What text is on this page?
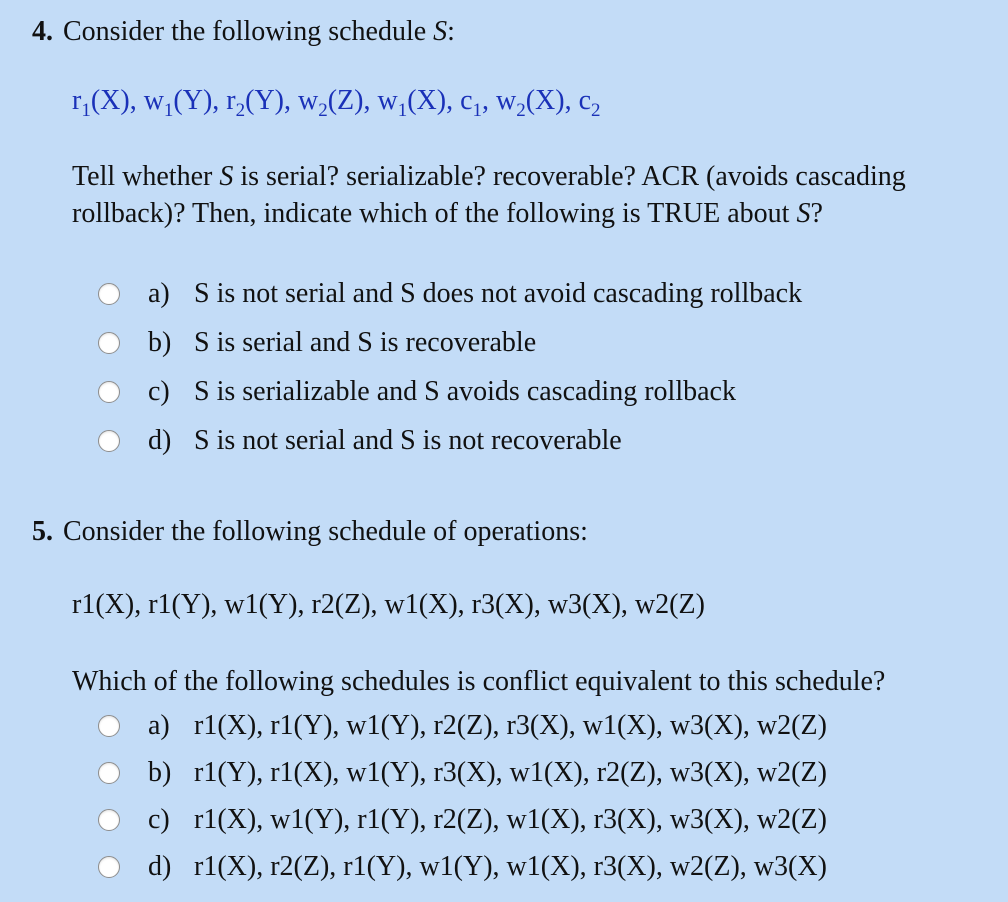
4. Consider the following schedule S:
$r_1(X)$, $w_1(Y)$, $r_2(Y)$, $w_2(Z)$, $w_1(X)$, $c_1$, $w_2(X)$, $c_2$
Tell whether S is serial? serializable? recoverable? ACR (avoids cascading rollback)? Then, indicate which of the following is TRUE about S?
a) S is not serial and S does not avoid cascading rollback
b) S is serial and S is recoverable
c) S is serializable and S avoids cascading rollback
d) S is not serial and S is not recoverable
5. Consider the following schedule of operations:
r1(X), r1(Y), w1(Y), r2(Z), w1(X), r3(X), w3(X), w2(Z)
Which of the following schedules is conflict equivalent to this schedule?
a) r1(X), r1(Y), w1(Y), r2(Z), r3(X), w1(X), w3(X), w2(Z)
b) r1(Y), r1(X), w1(Y), r3(X), w1(X), r2(Z), w3(X), w2(Z)
c) r1(X), w1(Y), r1(Y), r2(Z), w1(X), r3(X), w3(X), w2(Z)
d) r1(X), r2(Z), r1(Y), w1(Y), w1(X), r3(X), w2(Z), w3(X)
